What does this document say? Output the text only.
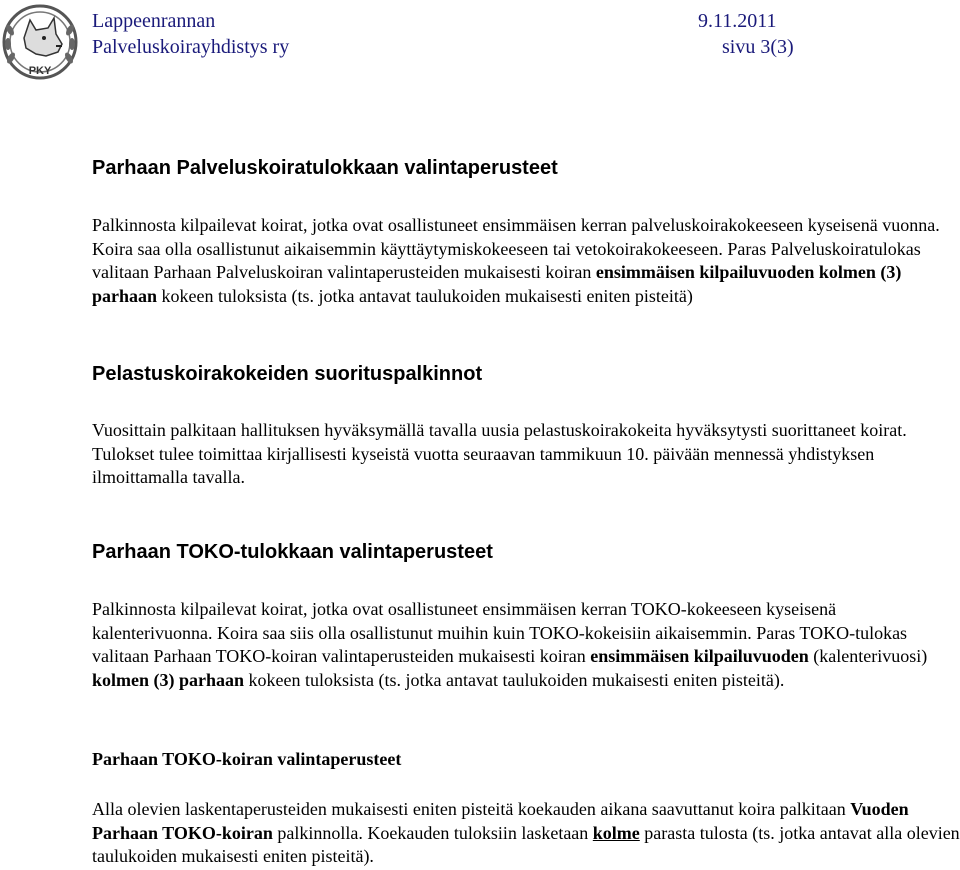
PKY
Lappeenrannan
Palveluskoirayhdistys ry
9.11.2011
sivu 3(3)
Parhaan Palveluskoiratulokkaan valintaperusteet
Palkinnosta kilpailevat koirat, jotka ovat osallistuneet ensimmäisen kerran palveluskoirakokeeseen kyseisenä vuonna. Koira saa olla osallistunut aikaisemmin käyttäytymiskokeeseen tai vetokoirakokeeseen. Paras Palveluskoiratulokas valitaan Parhaan Palveluskoiran valintaperusteiden mukaisesti koiran ensimmäisen kilpailuvuoden kolmen (3) parhaan kokeen tuloksista (ts. jotka antavat taulukoiden mukaisesti eniten pisteitä)
Pelastuskoirakokeiden suorituspalkinnot
Vuosittain palkitaan hallituksen hyväksymällä tavalla uusia pelastuskoirakokeita hyväksytysti suorittaneet koirat. Tulokset tulee toimittaa kirjallisesti kyseistä vuotta seuraavan tammikuun 10. päivään mennessä yhdistyksen ilmoittamalla tavalla.
Parhaan TOKO-tulokkaan valintaperusteet
Palkinnosta kilpailevat koirat, jotka ovat osallistuneet ensimmäisen kerran TOKO-kokeeseen kyseisenä kalenterivuonna. Koira saa siis olla osallistunut muihin kuin TOKO-kokeisiin aikaisemmin. Paras TOKO-tulokas valitaan Parhaan TOKO-koiran valintaperusteiden mukaisesti koiran ensimmäisen kilpailuvuoden (kalenterivuosi) kolmen (3) parhaan kokeen tuloksista (ts. jotka antavat taulukoiden mukaisesti eniten pisteitä).
Parhaan TOKO-koiran valintaperusteet
Alla olevien laskentaperusteiden mukaisesti eniten pisteitä koekauden aikana saavuttanut koira palkitaan Vuoden Parhaan TOKO-koiran palkinnolla. Koekauden tuloksiin lasketaan kolme parasta tulosta (ts. jotka antavat alla olevien taulukoiden mukaisesti eniten pisteitä).
